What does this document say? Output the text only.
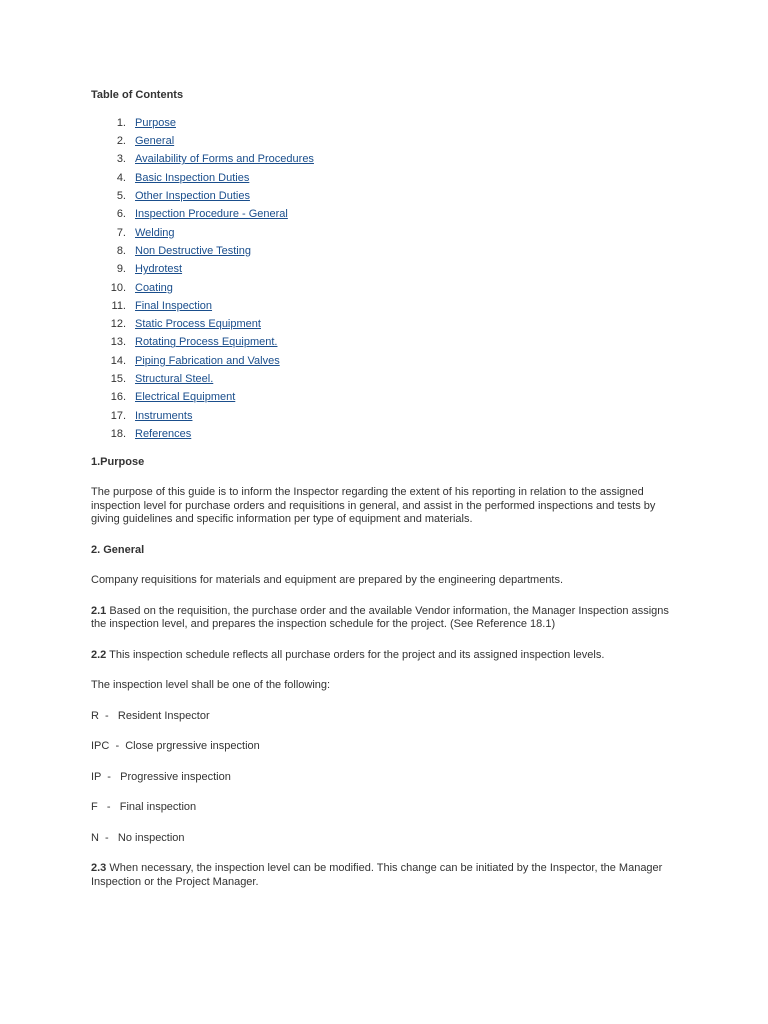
Table of Contents
1. Purpose
2. General
3. Availability of Forms and Procedures
4. Basic Inspection Duties
5. Other Inspection Duties
6. Inspection Procedure - General
7. Welding
8. Non Destructive Testing
9. Hydrotest
10. Coating
11. Final Inspection
12. Static Process Equipment
13. Rotating Process Equipment.
14. Piping Fabrication and Valves
15. Structural Steel.
16. Electrical Equipment
17. Instruments
18. References
1.Purpose

The purpose of this guide is to inform the Inspector regarding the extent of his reporting in relation to the assigned inspection level for purchase orders and requisitions in general, and assist in the performed inspections and tests by giving guidelines and specific information per type of equipment and materials.

2. General

Company requisitions for materials and equipment are prepared by the engineering departments.

2.1 Based on the requisition, the purchase order and the available Vendor information, the Manager Inspection assigns the inspection level, and prepares the inspection schedule for the project. (See Reference 18.1)

2.2 This inspection schedule reflects all purchase orders for the project and its assigned inspection levels.

The inspection level shall be one of the following:

R  - Resident Inspector
IPC  - Close prgressive inspection
IP  - Progressive inspection
F   - Final inspection
N  - No inspection

2.3 When necessary, the inspection level can be modified. This change can be initiated by the Inspector, the Manager Inspection or the Project Manager.
